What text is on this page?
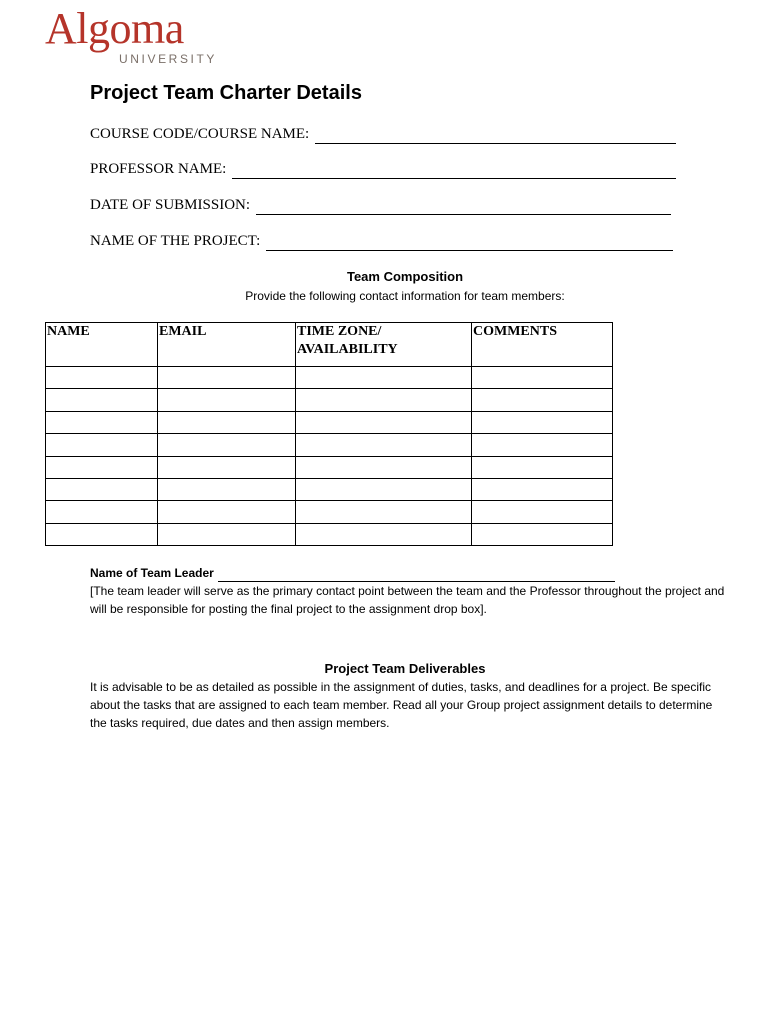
Algoma
UNIVERSITY
Project Team Charter Details
COURSE CODE/COURSE NAME:
PROFESSOR NAME:
DATE OF SUBMISSION:
NAME OF THE PROJECT:
Team Composition
Provide the following contact information for team members:
NAME	EMAIL	TIME ZONE/ AVAILABILITY	COMMENTS

Name of Team Leader
[The team leader will serve as the primary contact point between the team and the Professor throughout the project and will be responsible for posting the final project to the assignment drop box].
Project Team Deliverables
It is advisable to be as detailed as possible in the assignment of duties, tasks, and deadlines for a project. Be specific about the tasks that are assigned to each team member. Read all your Group project assignment details to determine the tasks required, due dates and then assign members.
